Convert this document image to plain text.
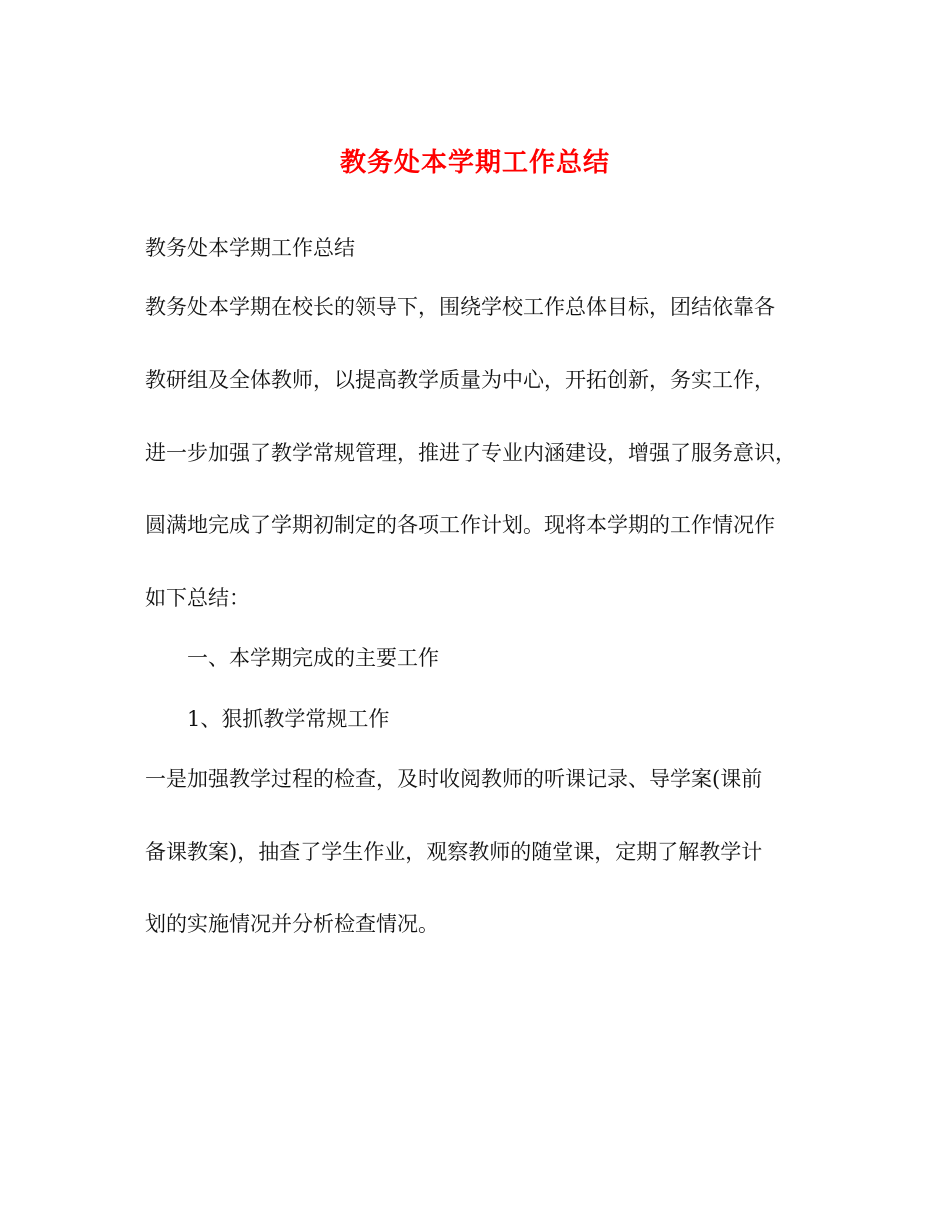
教务处本学期工作总结
教务处本学期工作总结
教务处本学期在校长的领导下，围绕学校工作总体目标，团结依靠各
教研组及全体教师，以提高教学质量为中心，开拓创新，务实工作，
进一步加强了教学常规管理，推进了专业内涵建设，增强了服务意识，
圆满地完成了学期初制定的各项工作计划。现将本学期的工作情况作
如下总结：
一、本学期完成的主要工作
1、狠抓教学常规工作
一是加强教学过程的检查，及时收阅教师的听课记录、导学案(课前
备课教案)，抽查了学生作业，观察教师的随堂课，定期了解教学计
划的实施情况并分析检查情况。
